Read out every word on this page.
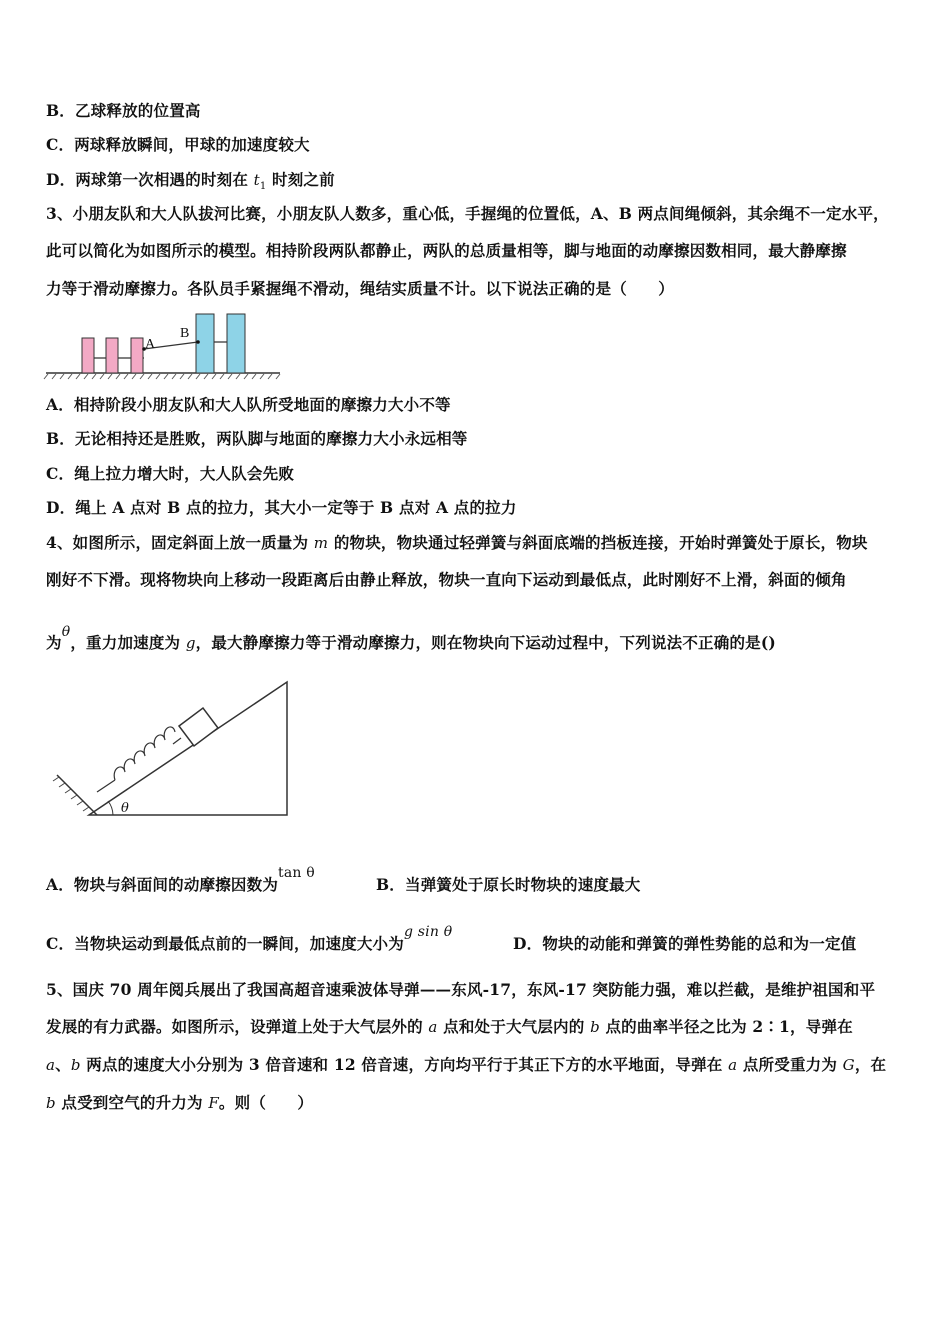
B．乙球释放的位置高
C．两球释放瞬间，甲球的加速度较大
D．两球第一次相遇的时刻在 $t_1$ 时刻之前
3、小朋友队和大人队拔河比赛，小朋友队人数多，重心低，手握绳的位置低，A、B 两点间绳倾斜，其余绳不一定水平，
此可以简化为如图所示的模型。相持阶段两队都静止，两队的总质量相等，脚与地面的动摩擦因数相同，最大静摩擦
力等于滑动摩擦力。各队员手紧握绳不滑动，绳结实质量不计。以下说法正确的是（　　）
A
B
A．相持阶段小朋友队和大人队所受地面的摩擦力大小不等
B．无论相持还是胜败，两队脚与地面的摩擦力大小永远相等
C．绳上拉力增大时，大人队会先败
D．绳上 A 点对 B 点的拉力，其大小一定等于 B 点对 A 点的拉力
4、如图所示，固定斜面上放一质量为 m 的物块，物块通过轻弹簧与斜面底端的挡板连接，开始时弹簧处于原长，物块
刚好不下滑。现将物块向上移动一段距离后由静止释放，物块一直向下运动到最低点，此时刚好不上滑，斜面的倾角
为θ，重力加速度为 g，最大静摩擦力等于滑动摩擦力，则在物块向下运动过程中，下列说法不正确的是()
θ
A．物块与斜面间的动摩擦因数为tan θ
B．当弹簧处于原长时物块的速度最大
C．当物块运动到最低点前的一瞬间，加速度大小为g sin θ
D．物块的动能和弹簧的弹性势能的总和为一定值
5、国庆 70 周年阅兵展出了我国高超音速乘波体导弹——东风-17，东风-17 突防能力强，难以拦截，是维护祖国和平
发展的有力武器。如图所示，设弹道上处于大气层外的 a 点和处于大气层内的 b 点的曲率半径之比为 2∶1，导弹在
a、b 两点的速度大小分别为 3 倍音速和 12 倍音速，方向均平行于其正下方的水平地面，导弹在 a 点所受重力为 G，在
b 点受到空气的升力为 F。则（　　）
